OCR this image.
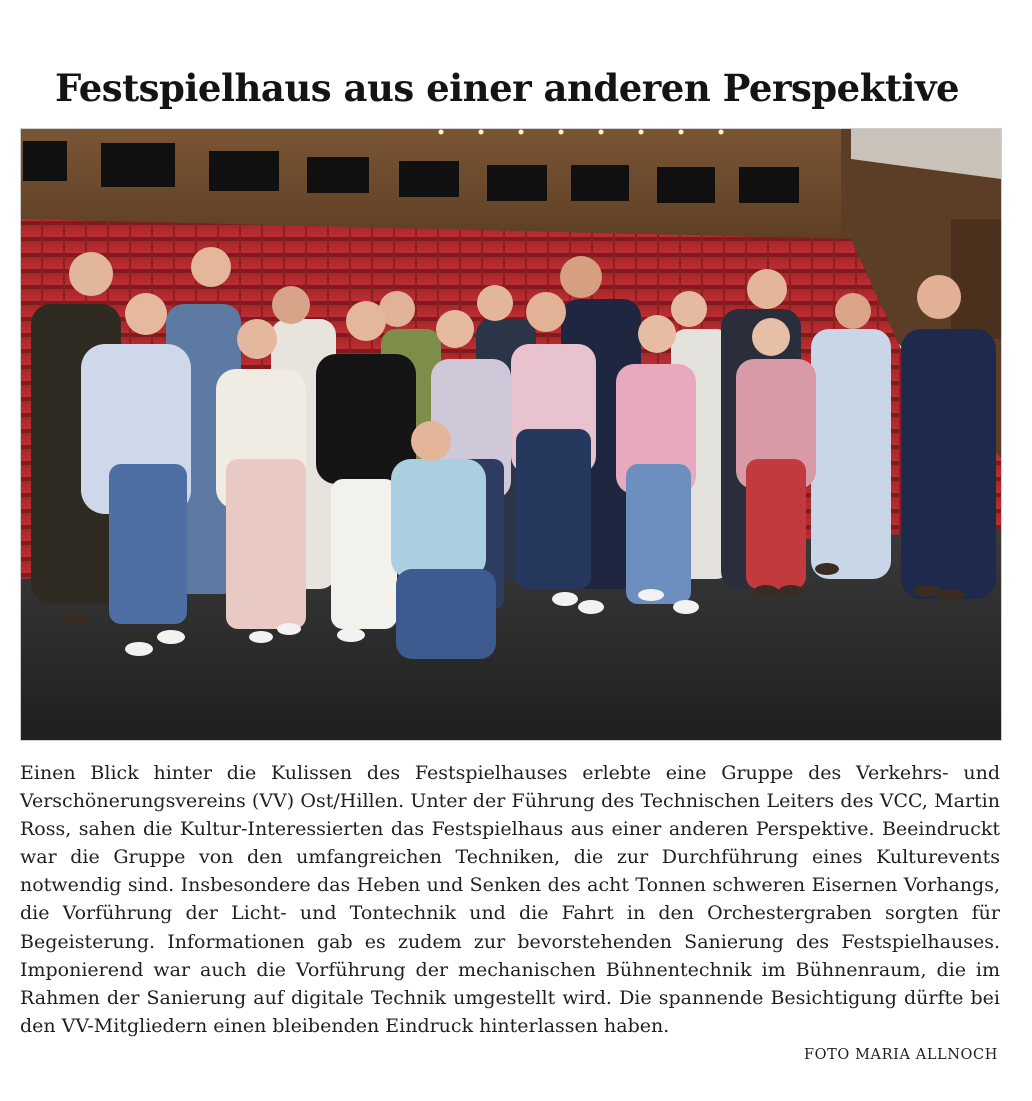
Festspielhaus aus einer anderen Perspektive

Einen Blick hinter die Kulissen des Festspielhauses erlebte eine Gruppe des Verkehrs- und Verschönerungsvereins (VV) Ost/Hillen. Unter der Führung des Technischen Leiters des VCC, Martin Ross, sahen die Kultur-Interessierten das Festspielhaus aus einer anderen Perspektive. Beeindruckt war die Gruppe von den umfangreichen Techniken, die zur Durchführung eines Kulturevents notwendig sind. Insbesondere das Heben und Senken des acht Tonnen schweren Eisernen Vorhangs, die Vorführung der Licht- und Tontechnik und die Fahrt in den Orchestergraben sorgten für Begeisterung. Informationen gab es zudem zur bevorstehenden Sanierung des Festspielhauses. Imponierend war auch die Vorführung der mechanischen Bühnentechnik im Bühnenraum, die im Rahmen der Sanierung auf digitale Technik umgestellt wird. Die spannende Besichtigung dürfte bei den VV-Mitgliedern einen bleibenden Eindruck hinterlassen haben.

FOTO MARIA ALLNOCH
